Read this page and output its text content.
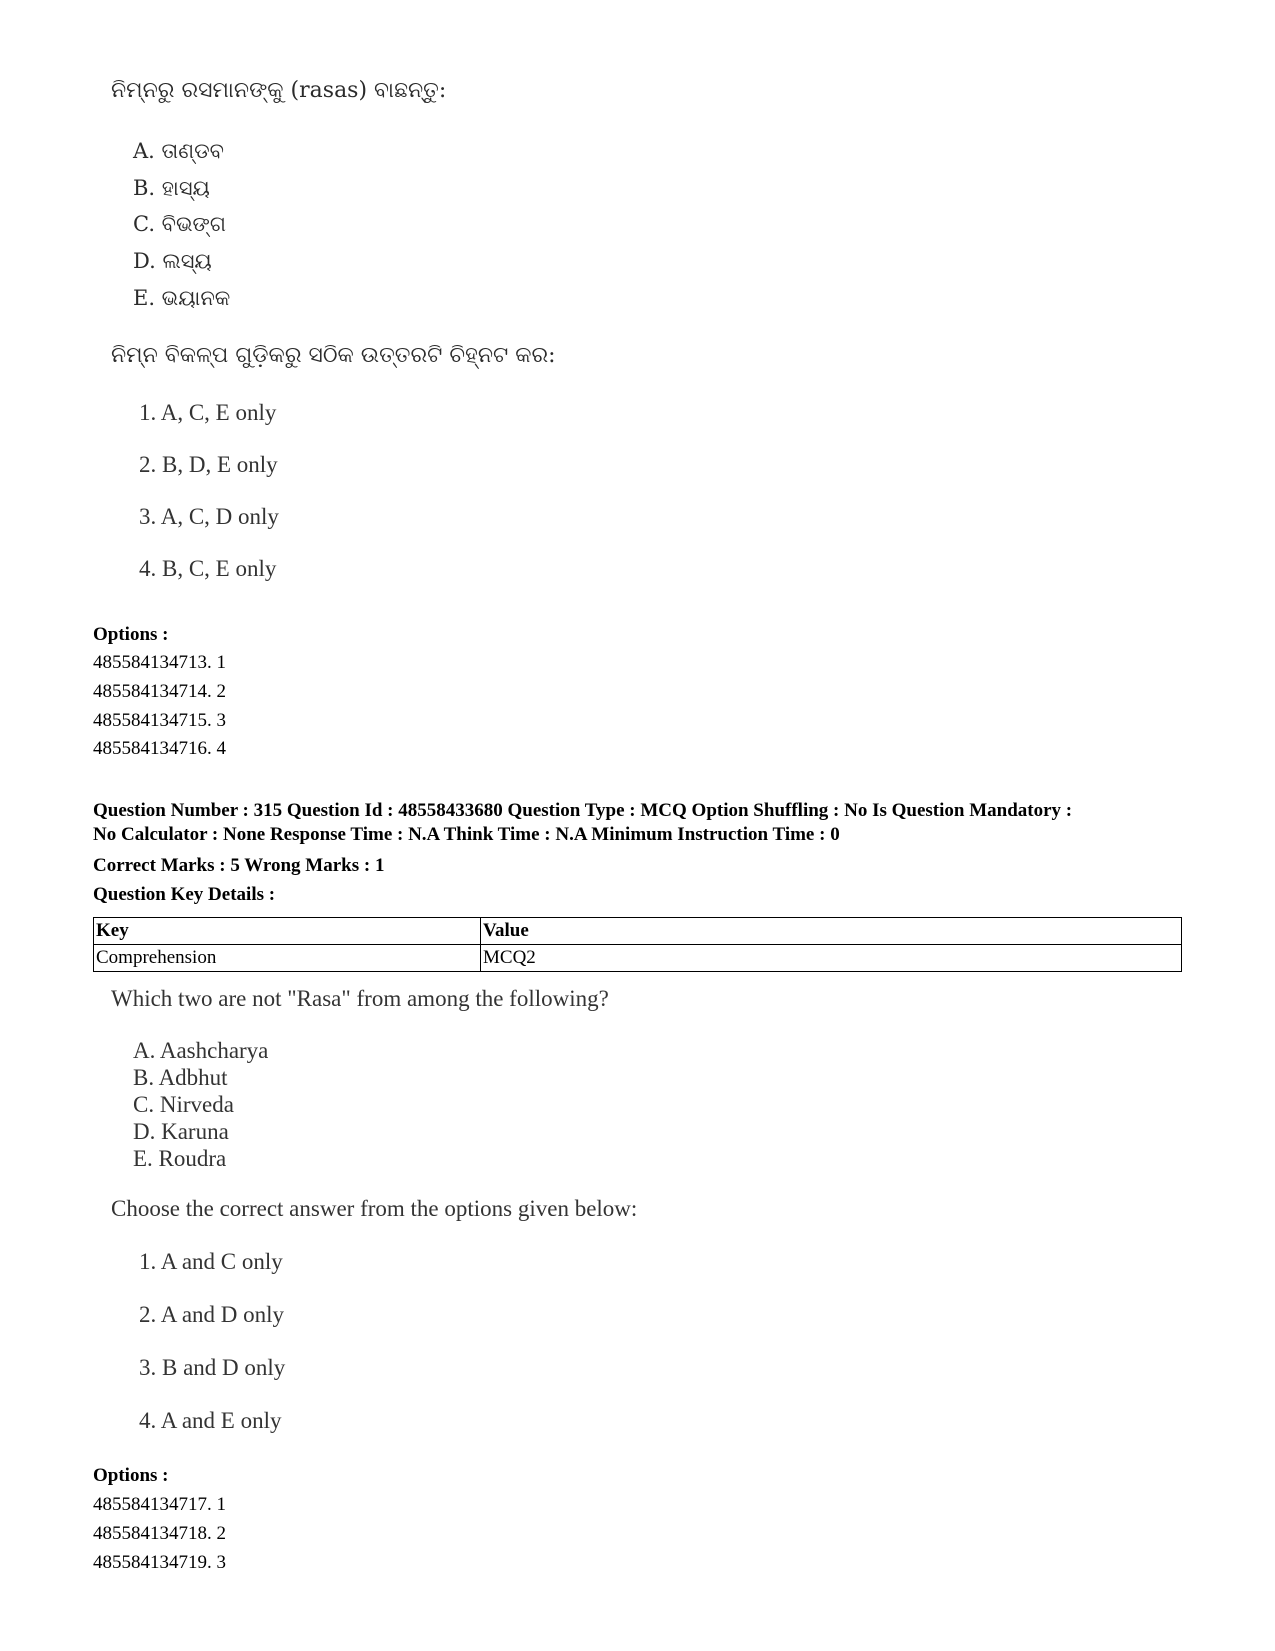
ନିମ୍ନରୁ ରସମାନଙ୍କୁ (rasas) ବାଛନ୍ତୁ:
A. ତାଣ୍ଡବ
B. ହାସ୍ୟ
C. ବିଭଙ୍ଗ
D. ଲସ୍ୟ
E. ଭୟାନକ
ନିମ୍ନ ବିକଳ୍ପ ଗୁଡ଼ିକରୁ ସଠିକ ଉତ୍ତରଟି ଚିହ୍ନଟ କର:
1. A, C, E only
2. B, D, E only
3. A, C, D only
4. B, C, E only
Options :
485584134713. 1
485584134714. 2
485584134715. 3
485584134716. 4
Question Number : 315 Question Id : 48558433680 Question Type : MCQ Option Shuffling : No Is Question Mandatory :
No Calculator : None Response Time : N.A Think Time : N.A Minimum Instruction Time : 0
Correct Marks : 5 Wrong Marks : 1
Question Key Details :
Key	Value
Comprehension	MCQ2
Which two are not "Rasa" from among the following?
A. Aashcharya
B. Adbhut
C. Nirveda
D. Karuna
E. Roudra
Choose the correct answer from the options given below:
1. A and C only
2. A and D only
3. B and D only
4. A and E only
Options :
485584134717. 1
485584134718. 2
485584134719. 3
